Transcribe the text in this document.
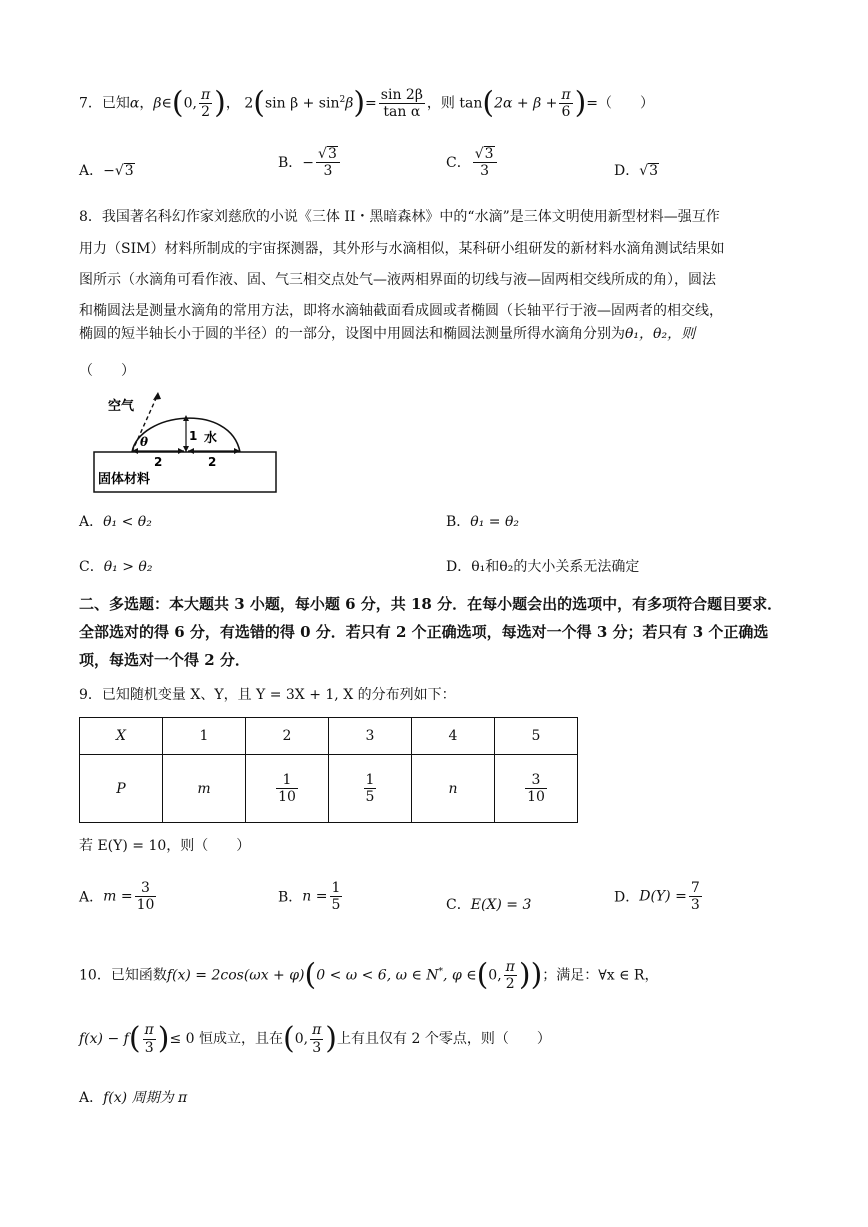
7．已知α，β∈(0, $\frac{\pi}{2}$ )， 2(sin $\beta + \sin^2\beta)= \frac{\sin 2\beta}{\text{tan α}}$ ，则 $\tan(2\alpha + \beta + \frac{\pi}{6}$ )=（　　）
A．−√3
B．− $\frac{√3}{3}$	C． $\frac{√3}{3}$	D．√3
8．我国著名科幻作家刘慈欣的小说《三体 II・黑暗森林》中的“水滴”是三体文明使用新型材料—强互作
用力（SIM）材料所制成的宇宙探测器，其外形与水滴相似，某科研小组研发的新材料水滴角测试结果如
图所示（水滴角可看作液、固、气三相交点处气—液两相界面的切线与液—固两相交线所成的角），圆法
和椭圆法是测量水滴角的常用方法，即将水滴轴截面看成圆或者椭圆（长轴平行于液—固两者的相交线，
椭圆的短半轴长小于圆的半径）的一部分，设图中用圆法和椭圆法测量所得水滴角分别为θ₁，θ₂，则
（　　）
空气
θ	1 水
2	2
固体材料
A．θ₁ < θ₂	B．θ₁ = θ₂
C．θ₁ > θ₂	D．θ₁和θ₂的大小关系无法确定
二、多选题：本大题共 3 小题，每小题 6 分，共 18 分．在每小题会出的选项中，有多项符合题目要求．全部选对的得 6 分，有选错的得 0 分．若只有 2 个正确选项，每选对一个得 3 分；若只有 3 个正确选项，每选对一个得 2 分．
9．已知随机变量 X、Y，且 Y = 3X + 1, X 的分布列如下：
X	1	2	3	4	5
P	m	$\frac{1}{10}$	$\frac{1}{5}$	n	$\frac{3}{10}$
若 E(Y) = 10，则（　　）
A．$m = \frac{3}{10}$	B．$n = \frac{1}{5}$	C．E(X) = 3	D．$D(Y) = \frac{7}{3}$
10．已知函数f(x) = 2cos(ωx + φ)(0 < ω < 6, ω ∈ N*, φ ∈(0, $\frac{\pi}{2}$ ))；满足：∀x ∈ R，
$f(x) - f( \frac{\pi}{3}$ )≤ 0 恒成立，且在(0, $\frac{\pi}{3}$ )上有且仅有 2 个零点，则（　　）
A．f(x) 周期为 π
